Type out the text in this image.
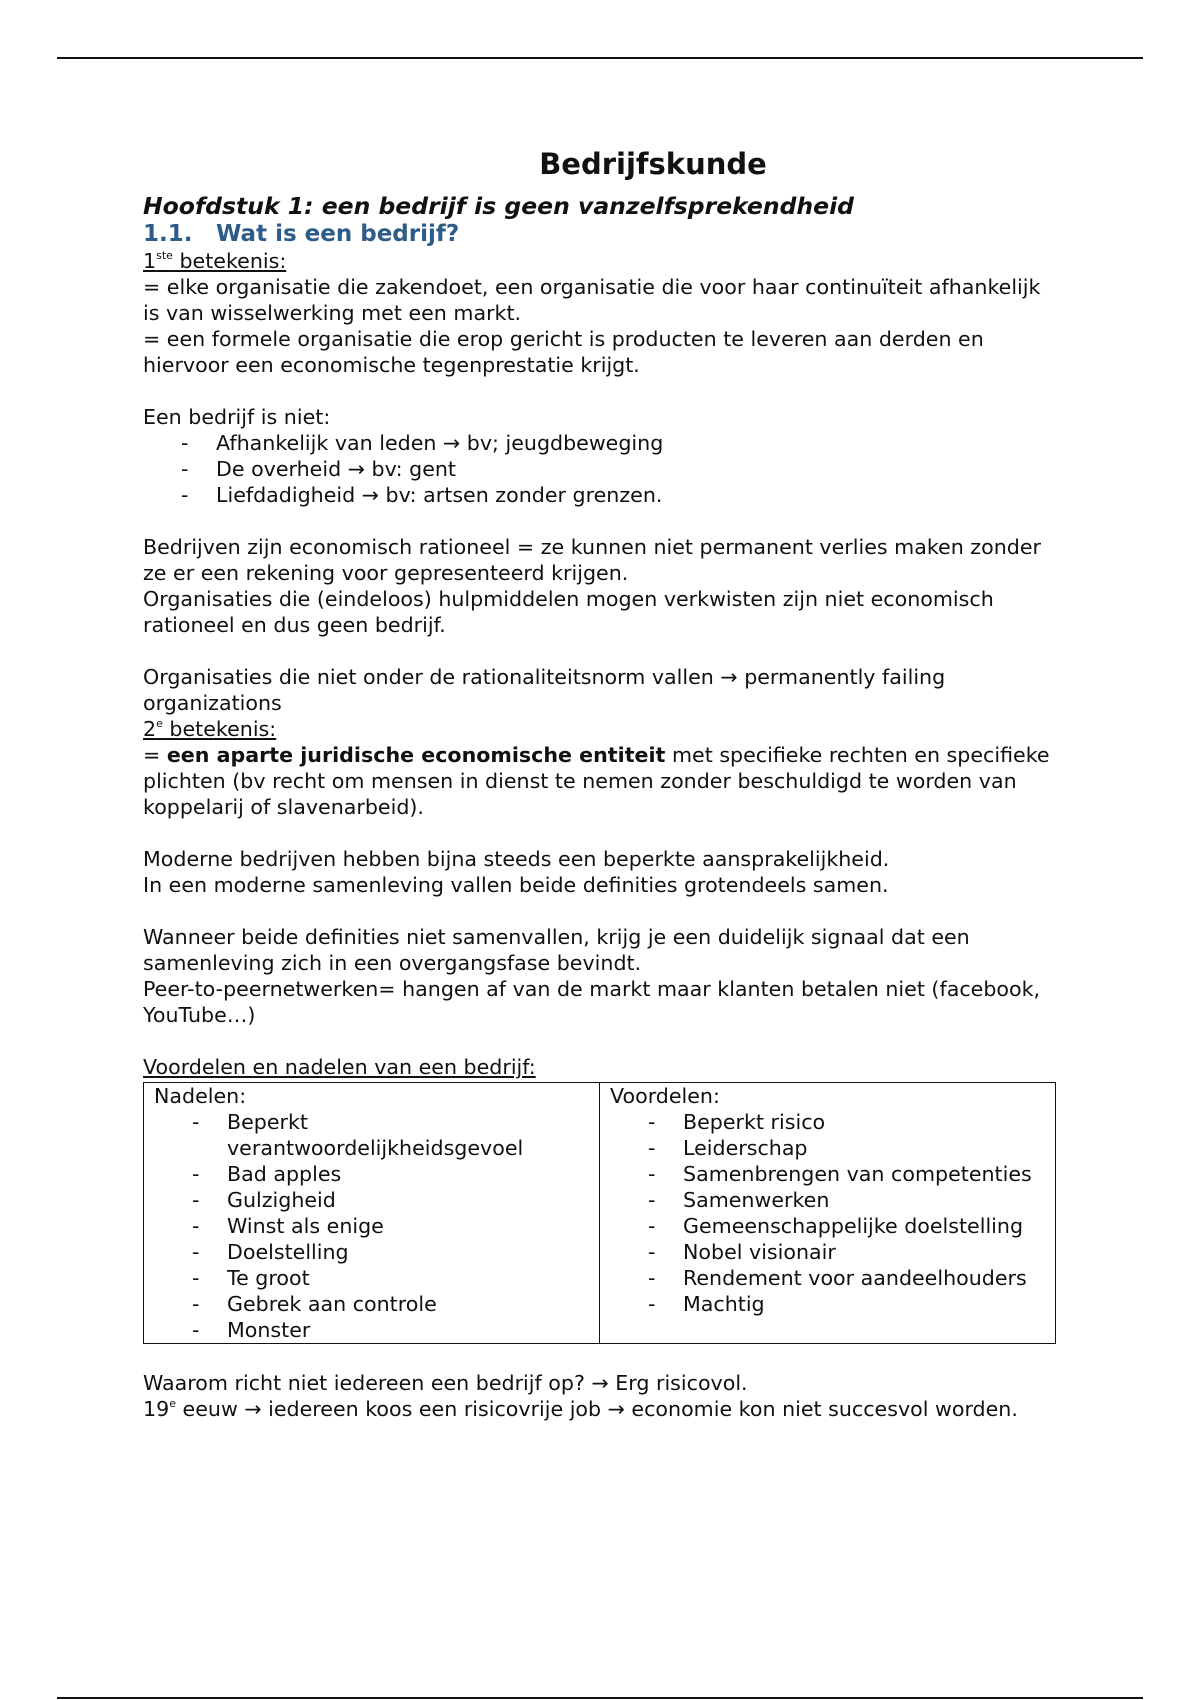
Bedrijfskunde

Hoofdstuk 1: een bedrijf is geen vanzelfsprekendheid

1.1. Wat is een bedrijf?

1ste betekenis:

= elke organisatie die zakendoet, een organisatie die voor haar continuïteit afhankelijk is van wisselwerking met een markt.

= een formele organisatie die erop gericht is producten te leveren aan derden en hiervoor een economische tegenprestatie krijgt.

Een bedrijf is niet:

- Afhankelijk van leden → bv; jeugdbeweging
- De overheid → bv: gent
- Liefdadigheid → bv: artsen zonder grenzen.

Bedrijven zijn economisch rationeel = ze kunnen niet permanent verlies maken zonder ze er een rekening voor gepresenteerd krijgen.

Organisaties die (eindeloos) hulpmiddelen mogen verkwisten zijn niet economisch rationeel en dus geen bedrijf.

Organisaties die niet onder de rationaliteitsnorm vallen → permanently failing organizations

2e betekenis:

= een aparte juridische economische entiteit met specifieke rechten en specifieke plichten (bv recht om mensen in dienst te nemen zonder beschuldigd te worden van koppelarij of slavenarbeid).

Moderne bedrijven hebben bijna steeds een beperkte aansprakelijkheid.

In een moderne samenleving vallen beide definities grotendeels samen.

Wanneer beide definities niet samenvallen, krijg je een duidelijk signaal dat een samenleving zich in een overgangsfase bevindt.

Peer-to-peernetwerken= hangen af van de markt maar klanten betalen niet (facebook, YouTube…)

Voordelen en nadelen van een bedrijf:

Nadelen:
- Beperkt verantwoordelijkheidsgevoel
- Bad apples
- Gulzigheid
- Winst als enige
- Doelstelling
- Te groot
- Gebrek aan controle
- Monster

Voordelen:
- Beperkt risico
- Leiderschap
- Samenbrengen van competenties
- Samenwerken
- Gemeenschappelijke doelstelling
- Nobel visionair
- Rendement voor aandeelhouders
- Machtig

Waarom richt niet iedereen een bedrijf op? → Erg risicovol.

19e eeuw → iedereen koos een risicovrije job → economie kon niet succesvol worden.
